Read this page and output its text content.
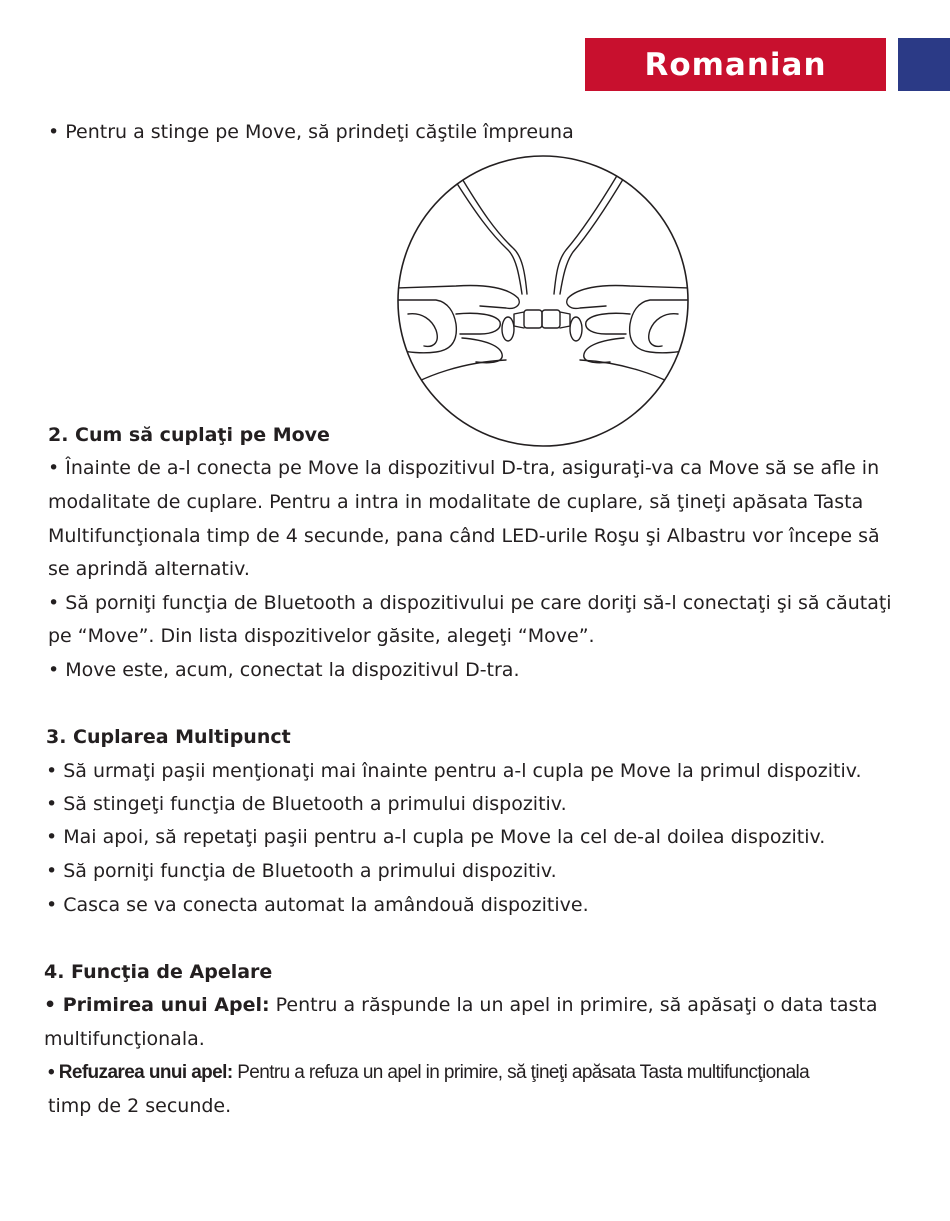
Romanian
• Pentru a stinge pe Move, să prindeţi căştile împreuna
2. Cum să cuplaţi pe Move
• Înainte de a-l conecta pe Move la dispozitivul D-tra, asiguraţi-va ca Move să se afle in
modalitate de cuplare. Pentru a intra in modalitate de cuplare, să ţineţi apăsata Tasta
Multifuncţionala timp de 4 secunde, pana când LED-urile Roşu şi Albastru vor începe să
se aprindă alternativ.
• Să porniţi funcţia de Bluetooth a dispozitivului pe care doriţi să-l conectaţi şi să căutaţi
pe “Move”. Din lista dispozitivelor găsite, alegeţi “Move”.
• Move este, acum, conectat la dispozitivul D-tra.
3. Cuplarea Multipunct
• Să urmaţi paşii menţionaţi mai înainte pentru a-l cupla pe Move la primul dispozitiv.
• Să stingeţi funcţia de Bluetooth a primului dispozitiv.
• Mai apoi, să repetaţi paşii pentru a-l cupla pe Move la cel de-al doilea dispozitiv.
• Să porniţi funcţia de Bluetooth a primului dispozitiv.
• Casca se va conecta automat la amândouă dispozitive.
4. Funcţia de Apelare
• Primirea unui Apel: Pentru a răspunde la un apel in primire, să apăsaţi o data tasta
multifuncţionala.
• Refuzarea unui apel: Pentru a refuza un apel in primire, să ţineţi apăsata Tasta multifuncţionala
timp de 2 secunde.
